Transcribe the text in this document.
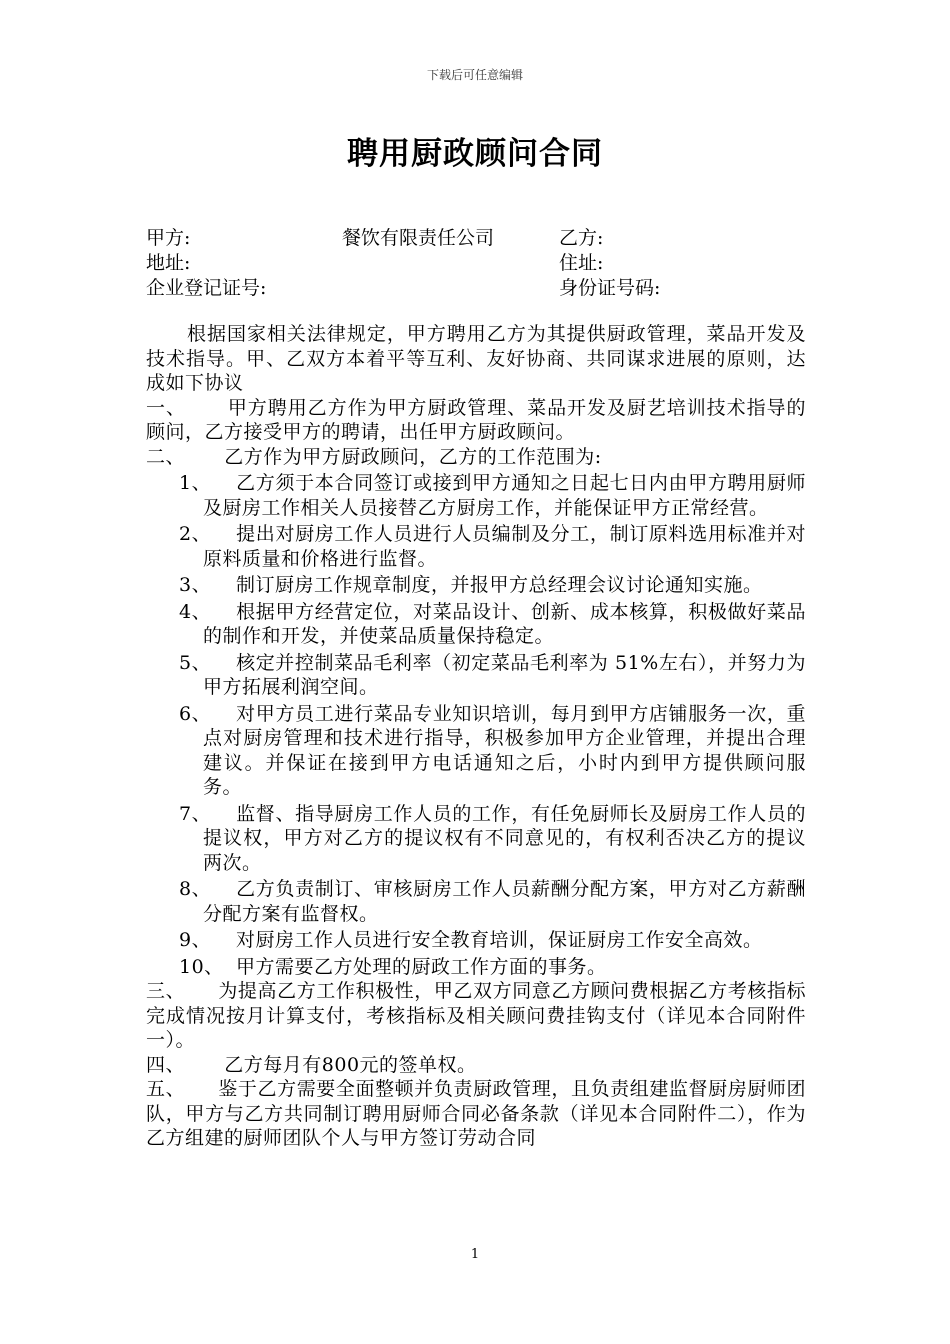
下载后可任意编辑
聘用厨政顾问合同
甲方:	餐饮有限责任公司	乙方:
地址:	住址:
企业登记证号:	身份证号码:

根据国家相关法律规定，甲方聘用乙方为其提供厨政管理，菜品开发及技术指导。甲、乙双方本着平等互利、友好协商、共同谋求进展的原则，达成如下协议

一、 甲方聘用乙方作为甲方厨政管理、菜品开发及厨艺培训技术指导的顾问，乙方接受甲方的聘请，出任甲方厨政顾问。

二、 乙方作为甲方厨政顾问，乙方的工作范围为:

1、 乙方须于本合同签订或接到甲方通知之日起七日内由甲方聘用厨师及厨房工作相关人员接替乙方厨房工作，并能保证甲方正常经营。

2、 提出对厨房工作人员进行人员编制及分工，制订原料选用标准并对原料质量和价格进行监督。

3、 制订厨房工作规章制度，并报甲方总经理会议讨论通知实施。

4、 根据甲方经营定位，对菜品设计、创新、成本核算，积极做好菜品的制作和开发，并使菜品质量保持稳定。

5、 核定并控制菜品毛利率（初定菜品毛利率为 51%左右），并努力为甲方拓展利润空间。

6、 对甲方员工进行菜品专业知识培训，每月到甲方店铺服务一次，重点对厨房管理和技术进行指导，积极参加甲方企业管理，并提出合理建议。并保证在接到甲方电话通知之后，小时内到甲方提供顾问服务。

7、 监督、指导厨房工作人员的工作，有任免厨师长及厨房工作人员的提议权，甲方对乙方的提议权有不同意见的，有权利否决乙方的提议两次。

8、 乙方负责制订、审核厨房工作人员薪酬分配方案，甲方对乙方薪酬分配方案有监督权。

9、 对厨房工作人员进行安全教育培训，保证厨房工作安全高效。

10、 甲方需要乙方处理的厨政工作方面的事务。

三、 为提高乙方工作积极性，甲乙双方同意乙方顾问费根据乙方考核指标完成情况按月计算支付，考核指标及相关顾问费挂钩支付（详见本合同附件一）。

四、 乙方每月有800元的签单权。

五、 鉴于乙方需要全面整顿并负责厨政管理，且负责组建监督厨房厨师团队，甲方与乙方共同制订聘用厨师合同必备条款（详见本合同附件二），作为乙方组建的厨师团队个人与甲方签订劳动合同

1
